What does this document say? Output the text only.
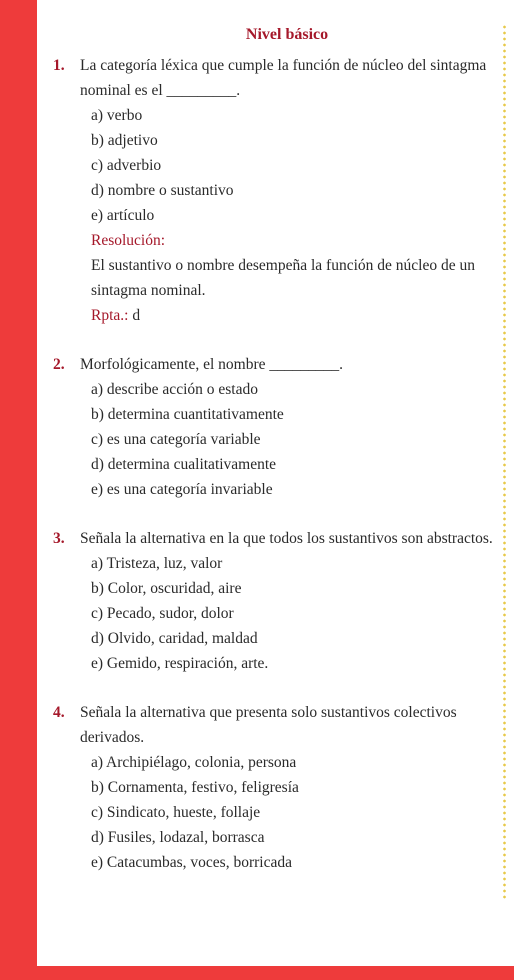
Nivel básico
1. La categoría léxica que cumple la función de núcleo del sintagma nominal es el _________.
a) verbo
b) adjetivo
c) adverbio
d) nombre o sustantivo
e) artículo
Resolución:
El sustantivo o nombre desempeña la función de núcleo de un sintagma nominal.
Rpta.: d
2. Morfológicamente, el nombre _________.
a) describe acción o estado
b) determina cuantitativamente
c) es una categoría variable
d) determina cualitativamente
e) es una categoría invariable
3. Señala la alternativa en la que todos los sustantivos son abstractos.
a) Tristeza, luz, valor
b) Color, oscuridad, aire
c) Pecado, sudor, dolor
d) Olvido, caridad, maldad
e) Gemido, respiración, arte.
4. Señala la alternativa que presenta solo sustantivos colectivos derivados.
a) Archipiélago, colonia, persona
b) Cornamenta, festivo, feligresía
c) Sindicato, hueste, follaje
d) Fusiles, lodazal, borrasca
e) Catacumbas, voces, borricada
